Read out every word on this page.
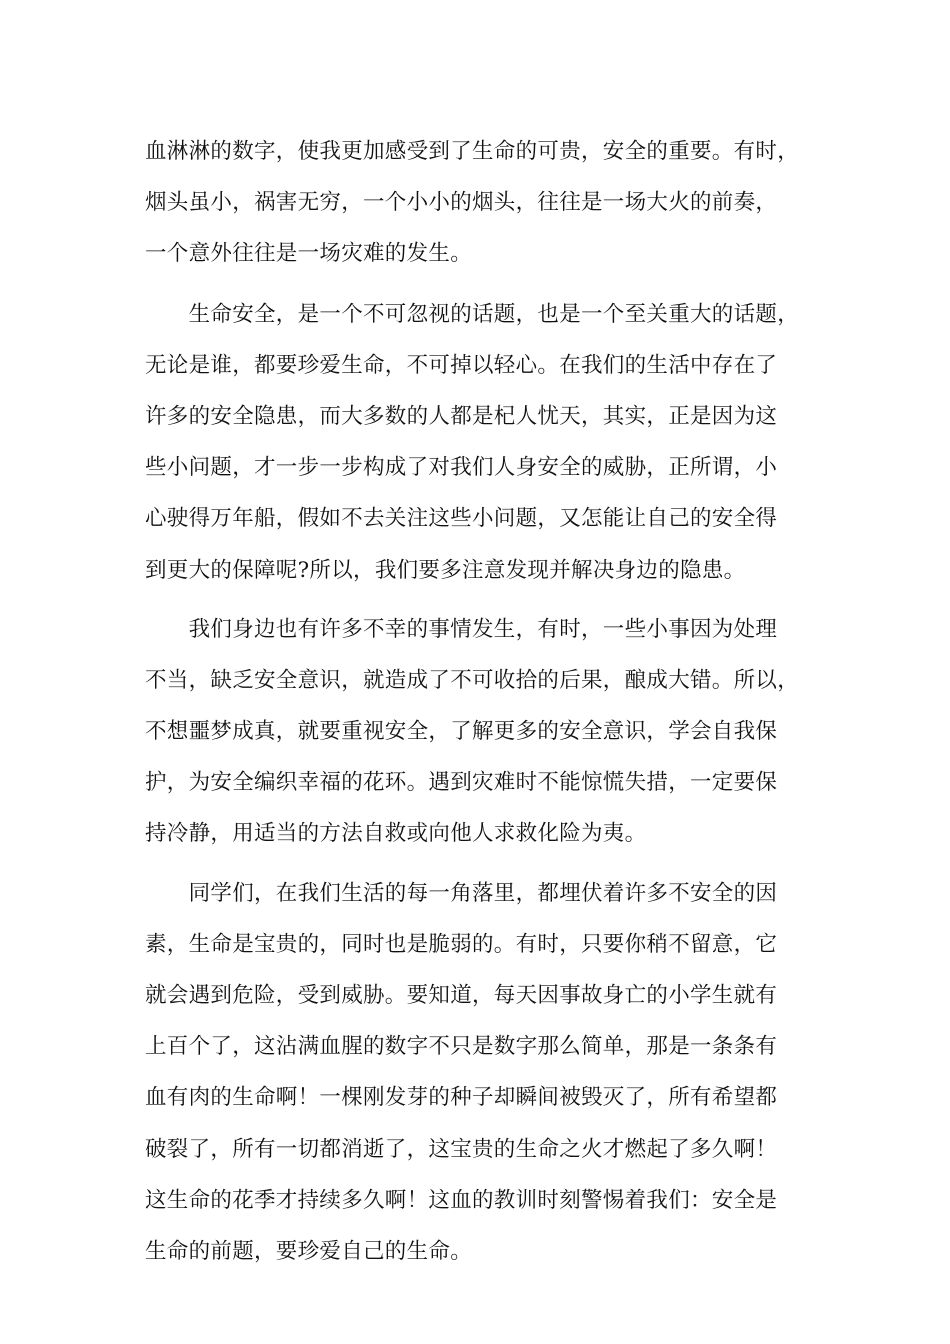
血淋淋的数字，使我更加感受到了生命的可贵，安全的重要。有时，
烟头虽小，祸害无穷，一个小小的烟头，往往是一场大火的前奏，
一个意外往往是一场灾难的发生。
　　生命安全，是一个不可忽视的话题，也是一个至关重大的话题，
无论是谁，都要珍爱生命，不可掉以轻心。在我们的生活中存在了
许多的安全隐患，而大多数的人都是杞人忧天，其实，正是因为这
些小问题，才一步一步构成了对我们人身安全的威胁，正所谓，小
心驶得万年船，假如不去关注这些小问题，又怎能让自己的安全得
到更大的保障呢?所以，我们要多注意发现并解决身边的隐患。
　　我们身边也有许多不幸的事情发生，有时，一些小事因为处理
不当，缺乏安全意识，就造成了不可收拾的后果，酿成大错。所以，
不想噩梦成真，就要重视安全，了解更多的安全意识，学会自我保
护，为安全编织幸福的花环。遇到灾难时不能惊慌失措，一定要保
持冷静，用适当的方法自救或向他人求救化险为夷。
　　同学们，在我们生活的每一角落里，都埋伏着许多不安全的因
素，生命是宝贵的，同时也是脆弱的。有时，只要你稍不留意，它
就会遇到危险，受到威胁。要知道，每天因事故身亡的小学生就有
上百个了，这沾满血腥的数字不只是数字那么简单，那是一条条有
血有肉的生命啊！一棵刚发芽的种子却瞬间被毁灭了，所有希望都
破裂了，所有一切都消逝了，这宝贵的生命之火才燃起了多久啊！
这生命的花季才持续多久啊！这血的教训时刻警惕着我们：安全是
生命的前题，要珍爱自己的生命。
